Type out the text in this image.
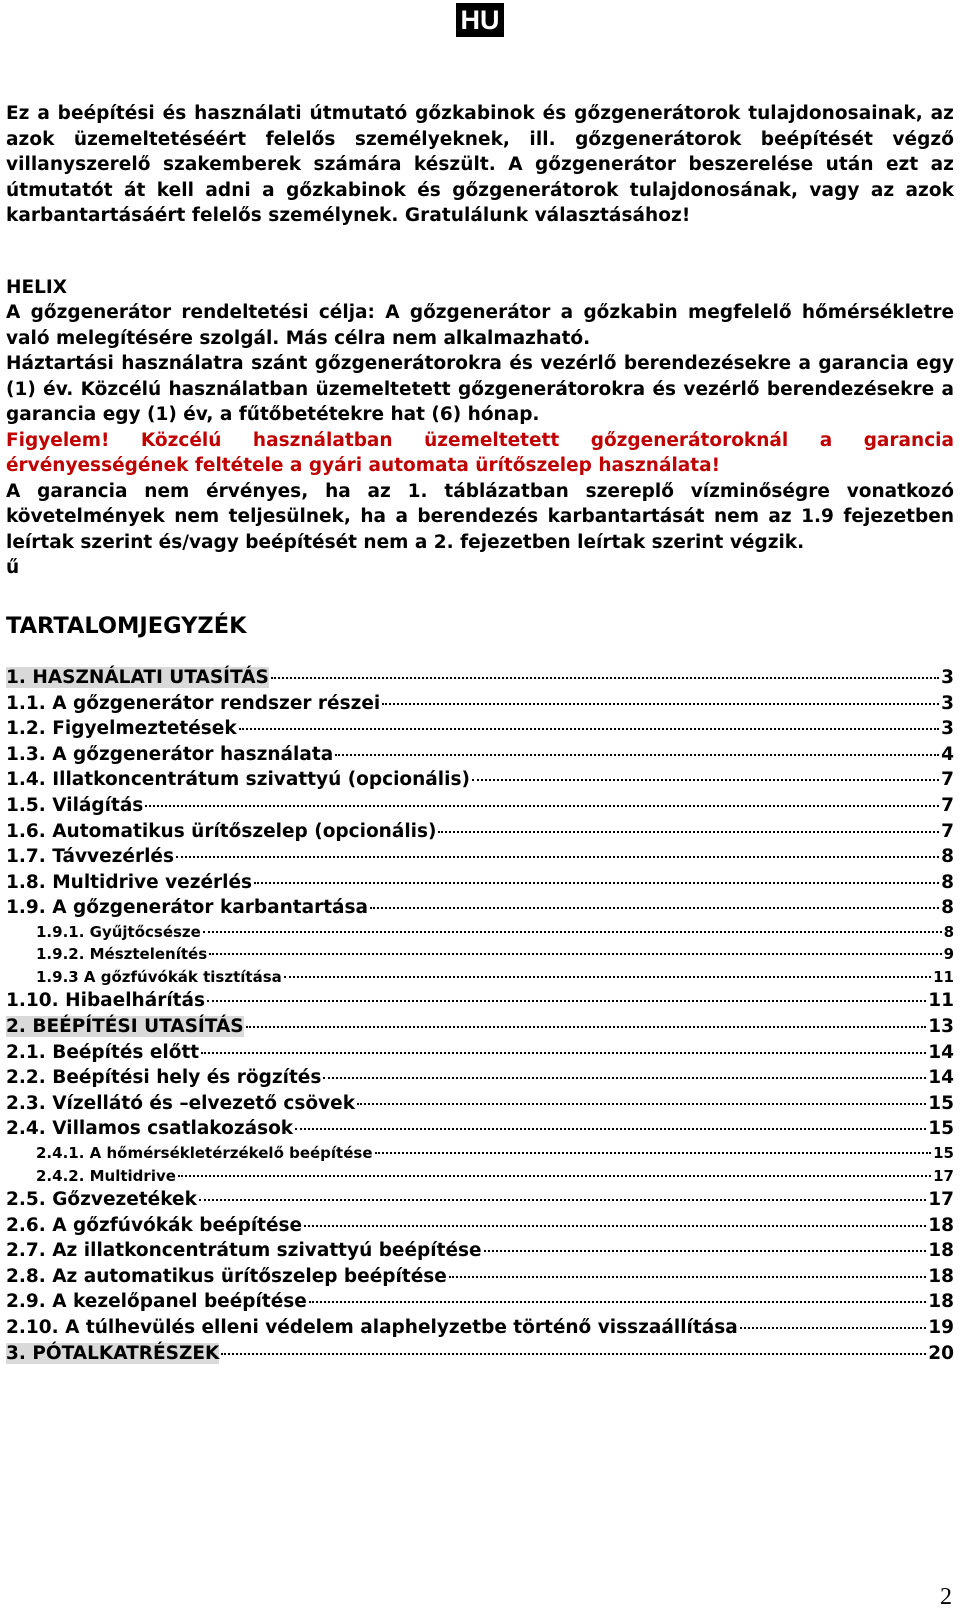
HU

Ez a beépítési és használati útmutató gőzkabinok és gőzgenerátorok tulajdonosainak, az azok üzemeltetéséért felelős személyeknek, ill. gőzgenerátorok beépítését végző villanyszerelő szakemberek számára készült. A gőzgenerátor beszerelése után ezt az útmutatót át kell adni a gőzkabinok és gőzgenerátorok tulajdonosának, vagy az azok karbantartásáért felelős személynek. Gratulálunk választásához!

HELIX

A gőzgenerátor rendeltetési célja: A gőzgenerátor a gőzkabin megfelelő hőmérsékletre való melegítésére szolgál. Más célra nem alkalmazható.

Háztartási használatra szánt gőzgenerátorokra és vezérlő berendezésekre a garancia egy (1) év. Közcélú használatban üzemeltetett gőzgenerátorokra és vezérlő berendezésekre a garancia egy (1) év, a fűtőbetétekre hat (6) hónap.

Figyelem! Közcélú használatban üzemeltetett gőzgenerátoroknál a garancia érvényességének feltétele a gyári automata ürítőszelep használata!

A garancia nem érvényes, ha az 1. táblázatban szereplő vízminőségre vonatkozó követelmények nem teljesülnek, ha a berendezés karbantartását nem az 1.9 fejezetben leírtak szerint és/vagy beépítését nem a 2. fejezetben leírtak szerint végzik.

ű

TARTALOMJEGYZÉK
1. HASZNÁLATI UTASÍTÁS	3
1.1. A gőzgenerátor rendszer részei	3
1.2. Figyelmeztetések	3
1.3. A gőzgenerátor használata	4
1.4. Illatkoncentrátum szivattyú (opcionális)	7
1.5. Világítás	7
1.6. Automatikus ürítőszelep (opcionális)	7
1.7. Távvezérlés	8
1.8. Multidrive vezérlés	8
1.9. A gőzgenerátor karbantartása	8
1.9.1. Gyűjtőcsésze	8
1.9.2. Mésztelenítés	9
1.9.3 A gőzfúvókák tisztítása	11
1.10. Hibaelhárítás	11
2. BEÉPÍTÉSI UTASÍTÁS	13
2.1. Beépítés előtt	14
2.2. Beépítési hely és rögzítés	14
2.3. Vízellátó és –elvezető csövek	15
2.4. Villamos csatlakozások	15
2.4.1. A hőmérsékletérzékelő beépítése	15
2.4.2. Multidrive	17
2.5. Gőzvezetékek	17
2.6. A gőzfúvókák beépítése	18
2.7. Az illatkoncentrátum szivattyú beépítése	18
2.8. Az automatikus ürítőszelep beépítése	18
2.9. A kezelőpanel beépítése	18
2.10. A túlhevülés elleni védelem alaphelyzetbe történő visszaállítása	19
3. PÓTALKATRÉSZEK	20
2
